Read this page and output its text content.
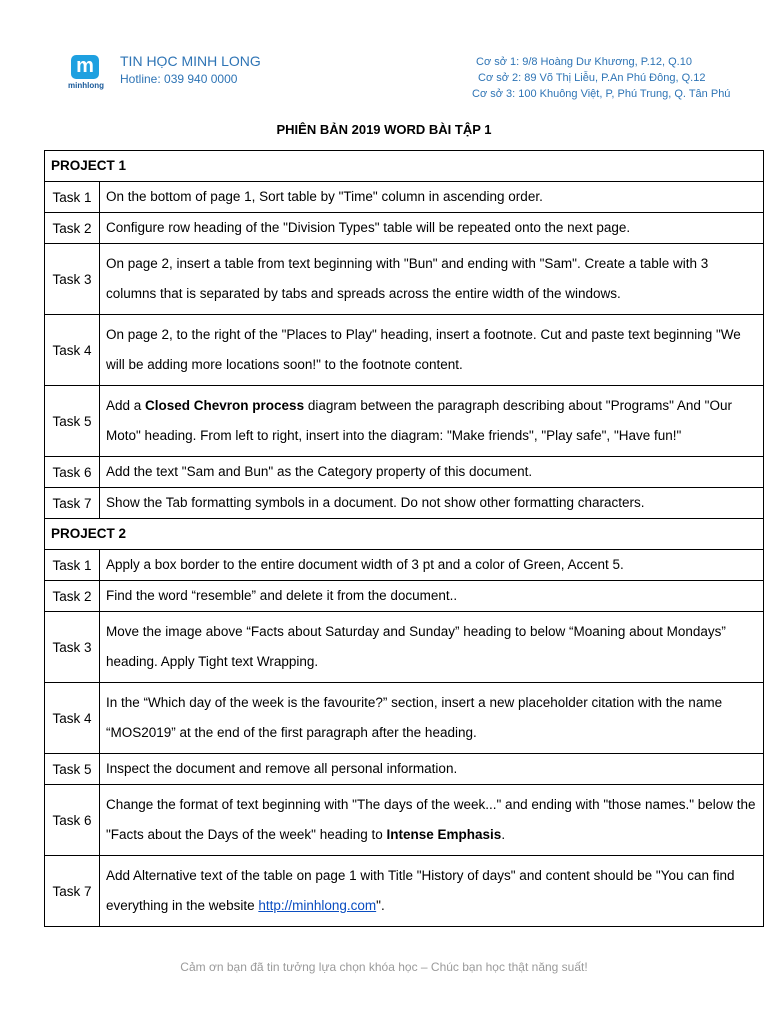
m
minhlong
TIN HỌC MINH LONG
Hotline: 039 940 0000
Cơ sở 1: 9/8 Hoàng Dư Khương, P.12, Q.10
Cơ sở 2: 89 Võ Thị Liễu, P.An Phú Đông, Q.12
Cơ sở 3: 100 Khuông Việt, P, Phú Trung, Q. Tân Phú
PHIÊN BẢN 2019 WORD BÀI TẬP 1
PROJECT 1	
Task 1	On the bottom of page 1, Sort table by "Time" column in ascending order.
Task 2	Configure row heading of the "Division Types" table will be repeated onto the next page.
Task 3	On page 2, insert a table from text beginning with "Bun" and ending with "Sam". Create a table with 3 columns that is separated by tabs and spreads across the entire width of the windows.
Task 4	On page 2, to the right of the "Places to Play" heading, insert a footnote. Cut and paste text beginning "We will be adding more locations soon!" to the footnote content.
Task 5	Add a Closed Chevron process diagram between the paragraph describing about "Programs" And "Our Moto" heading. From left to right, insert into the diagram: "Make friends", "Play safe", "Have fun!"
Task 6	Add the text "Sam and Bun" as the Category property of this document.
Task 7	Show the Tab formatting symbols in a document. Do not show other formatting characters.
PROJECT 2	
Task 1	Apply a box border to the entire document width of 3 pt and a color of Green, Accent 5.
Task 2	Find the word “resemble” and delete it from the document..
Task 3	Move the image above “Facts about Saturday and Sunday” heading to below “Moaning about Mondays” heading. Apply Tight text Wrapping.
Task 4	In the “Which day of the week is the favourite?” section, insert a new placeholder citation with the name “MOS2019” at the end of the first paragraph after the heading.
Task 5	Inspect the document and remove all personal information.
Task 6	Change the format of text beginning with "The days of the week..." and ending with "those names." below the "Facts about the Days of the week" heading to Intense Emphasis.
Task 7	Add Alternative text of the table on page 1 with Title "History of days" and content should be "You can find everything in the website http://minhlong.com".
Cảm ơn bạn đã tin tưởng lựa chọn khóa học – Chúc bạn học thật năng suất!
